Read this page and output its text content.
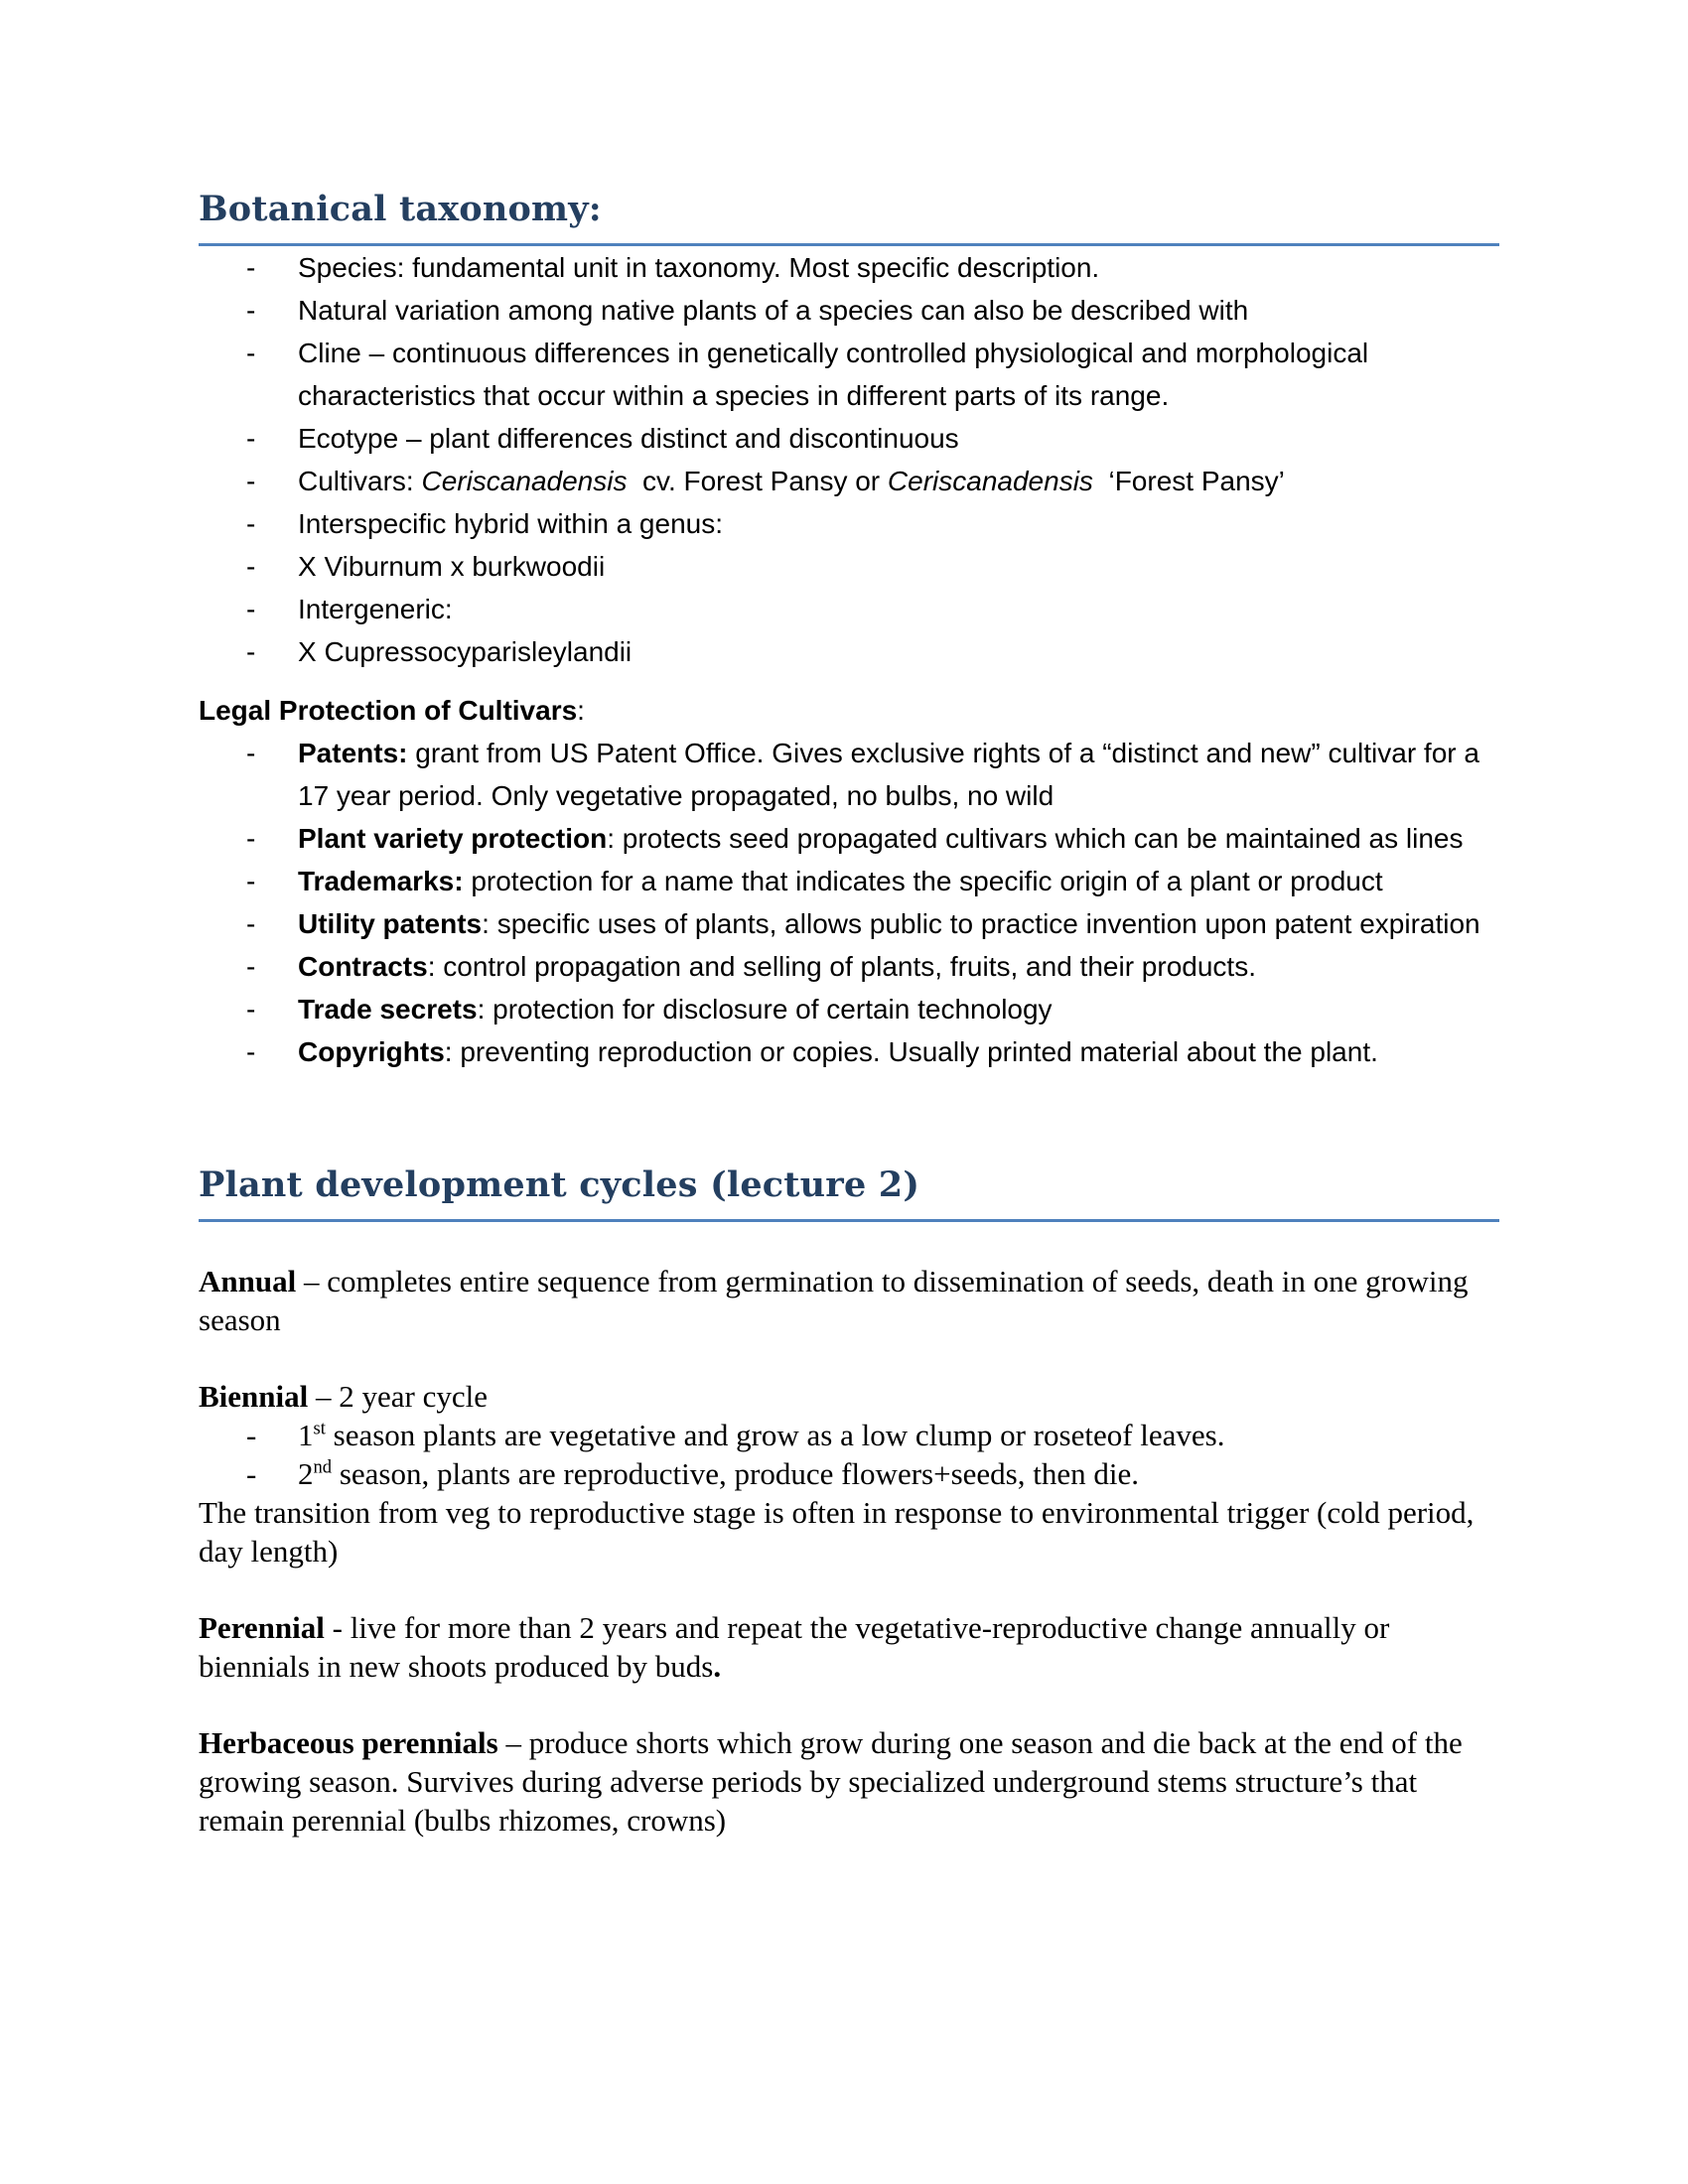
Botanical taxonomy:
- Species: fundamental unit in taxonomy. Most specific description.
- Natural variation among native plants of a species can also be described with
- Cline – continuous differences in genetically controlled physiological and morphological characteristics that occur within a species in different parts of its range.
- Ecotype – plant differences distinct and discontinuous
- Cultivars: Ceriscanadensis  cv. Forest Pansy or Ceriscanadensis  ‘Forest Pansy’
- Interspecific hybrid within a genus:
- X Viburnum x burkwoodii
- Intergeneric:
- X Cupressocyparisleylandii
Legal Protection of Cultivars:
- Patents: grant from US Patent Office. Gives exclusive rights of a “distinct and new” cultivar for a 17 year period. Only vegetative propagated, no bulbs, no wild
- Plant variety protection: protects seed propagated cultivars which can be maintained as lines
- Trademarks: protection for a name that indicates the specific origin of a plant or product
- Utility patents: specific uses of plants, allows public to practice invention upon patent expiration
- Contracts: control propagation and selling of plants, fruits, and their products.
- Trade secrets: protection for disclosure of certain technology
- Copyrights: preventing reproduction or copies. Usually printed material about the plant.
Plant development cycles (lecture 2)
Annual – completes entire sequence from germination to dissemination of seeds, death in one growing season
Biennial – 2 year cycle
- 1st season plants are vegetative and grow as a low clump or roseteof leaves.
- 2nd season, plants are reproductive, produce flowers+seeds, then die.
The transition from veg to reproductive stage is often in response to environmental trigger (cold period, day length)
Perennial - live for more than 2 years and repeat the vegetative-reproductive change annually or biennials in new shoots produced by buds.
Herbaceous perennials – produce shorts which grow during one season and die back at the end of the growing season. Survives during adverse periods by specialized underground stems structure’s that remain perennial (bulbs rhizomes, crowns)
